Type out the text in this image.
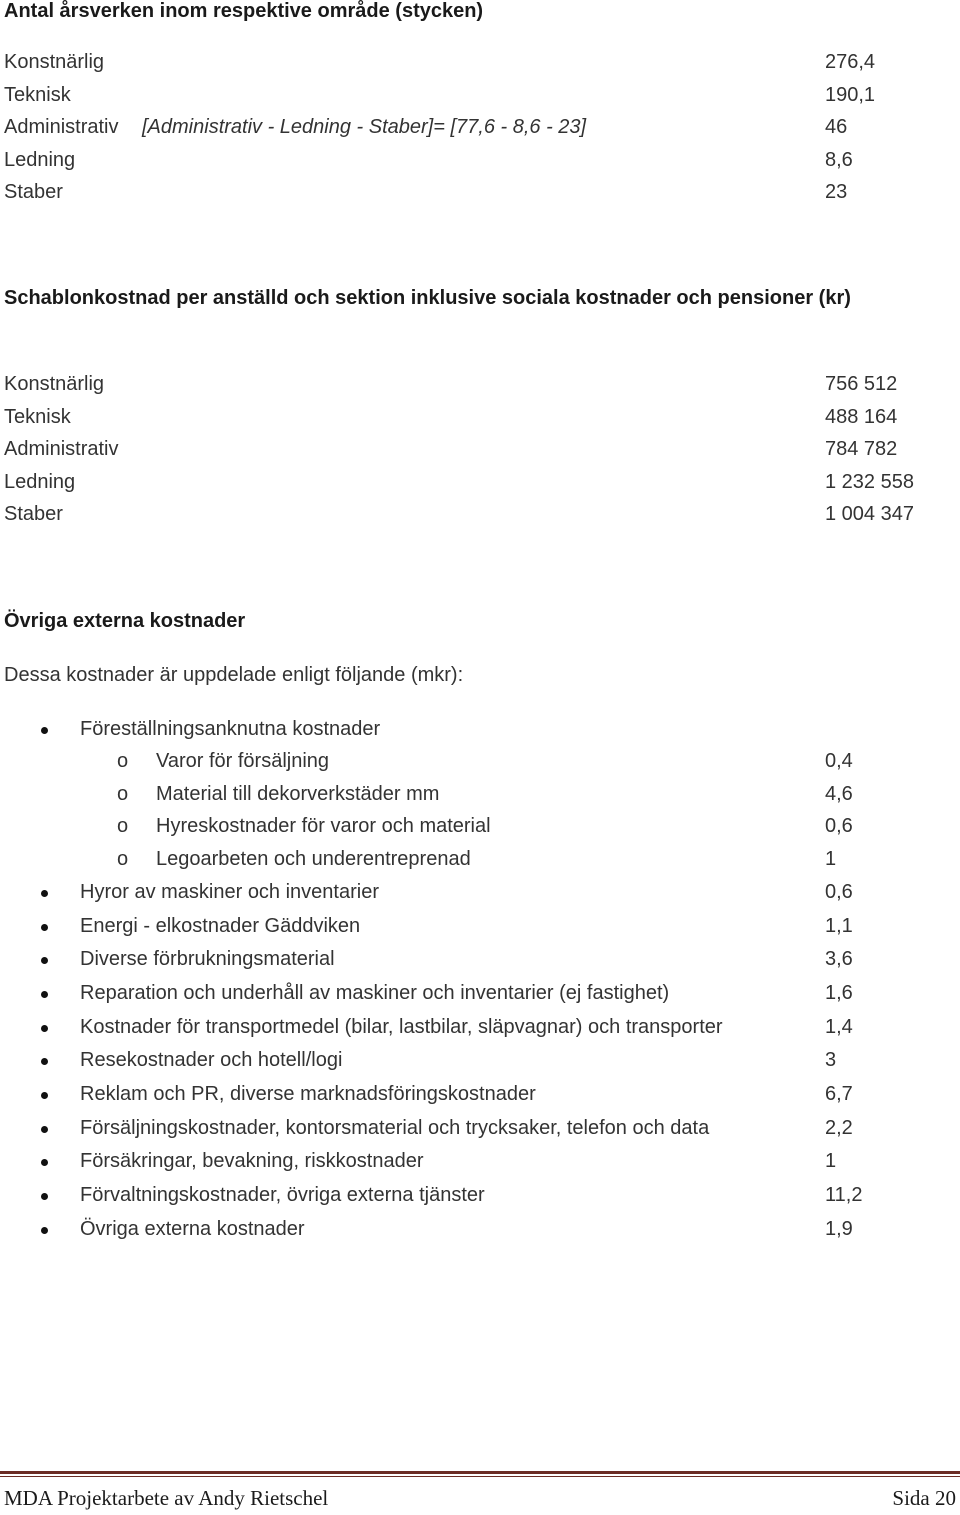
Antal årsverken inom respektive område (stycken)
Konstnärlig	276,4
Teknisk	190,1
Administrativ [Administrativ - Ledning - Staber]= [77,6 - 8,6 - 23]	46
Ledning	8,6
Staber	23
Schablonkostnad per anställd och sektion inklusive sociala kostnader och pensioner (kr)
Konstnärlig	756 512
Teknisk	488 164
Administrativ	784 782
Ledning	1 232 558
Staber	1 004 347
Övriga externa kostnader
Dessa kostnader är uppdelade enligt följande (mkr):
Föreställningsanknutna kostnader
o Varor för försäljning	0,4
o Material till dekorverkstäder mm	4,6
o Hyreskostnader för varor och material	0,6
o Legoarbeten och underentreprenad	1
Hyror av maskiner och inventarier	0,6
Energi - elkostnader Gäddviken	1,1
Diverse förbrukningsmaterial	3,6
Reparation och underhåll av maskiner och inventarier (ej fastighet)	1,6
Kostnader för transportmedel (bilar, lastbilar, släpvagnar) och transporter	1,4
Resekostnader och hotell/logi	3
Reklam och PR, diverse marknadsföringskostnader	6,7
Försäljningskostnader, kontorsmaterial och trycksaker, telefon och data	2,2
Försäkringar, bevakning, riskkostnader	1
Förvaltningskostnader, övriga externa tjänster	11,2
Övriga externa kostnader	1,9
MDA Projektarbete av Andy Rietschel	Sida 20
